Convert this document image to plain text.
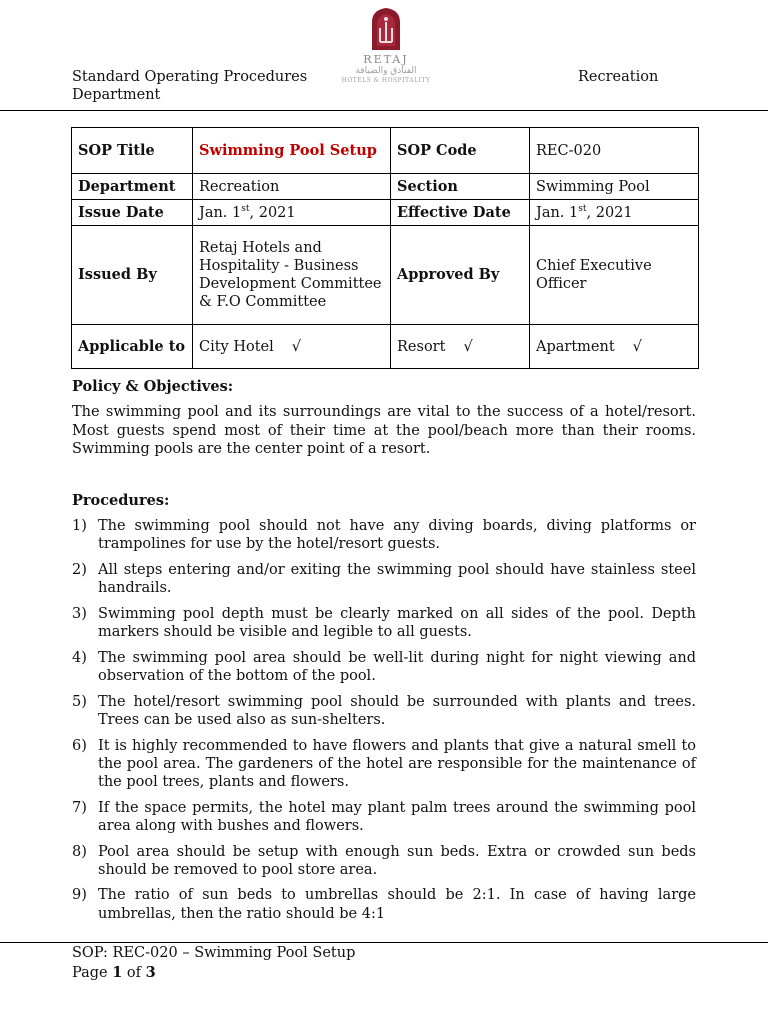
Standard Operating Procedures Department
RETAJ
الفنادق والضيافة
HOTELS & HOSPITALITY	Recreation
SOP Title	Swimming Pool Setup	SOP Code	REC-020
Department	Recreation	Section	Swimming Pool
Issue Date	Jan. 1st, 2021	Effective Date	Jan. 1st, 2021
Issued By	Retaj Hotels and Hospitality - Business Development Committee & F.O Committee	Approved By	Chief Executive Officer
Applicable to	City Hotel √	Resort √	Apartment √
Policy & Objectives:

The swimming pool and its surroundings are vital to the success of a hotel/resort. Most guests spend most of their time at the pool/beach more than their rooms. Swimming pools are the center point of a resort.

Procedures:
1) The swimming pool should not have any diving boards, diving platforms or trampolines for use by the hotel/resort guests.
2) All steps entering and/or exiting the swimming pool should have stainless steel handrails.
3) Swimming pool depth must be clearly marked on all sides of the pool. Depth markers should be visible and legible to all guests.
4) The swimming pool area should be well-lit during night for night viewing and observation of the bottom of the pool.
5) The hotel/resort swimming pool should be surrounded with plants and trees. Trees can be used also as sun-shelters.
6) It is highly recommended to have flowers and plants that give a natural smell to the pool area. The gardeners of the hotel are responsible for the maintenance of the pool trees, plants and flowers.
7) If the space permits, the hotel may plant palm trees around the swimming pool area along with bushes and flowers.
8) Pool area should be setup with enough sun beds. Extra or crowded sun beds should be removed to pool store area.
9) The ratio of sun beds to umbrellas should be 2:1. In case of having large umbrellas, then the ratio should be 4:1
SOP: REC-020 – Swimming Pool Setup
Page 1 of 3
